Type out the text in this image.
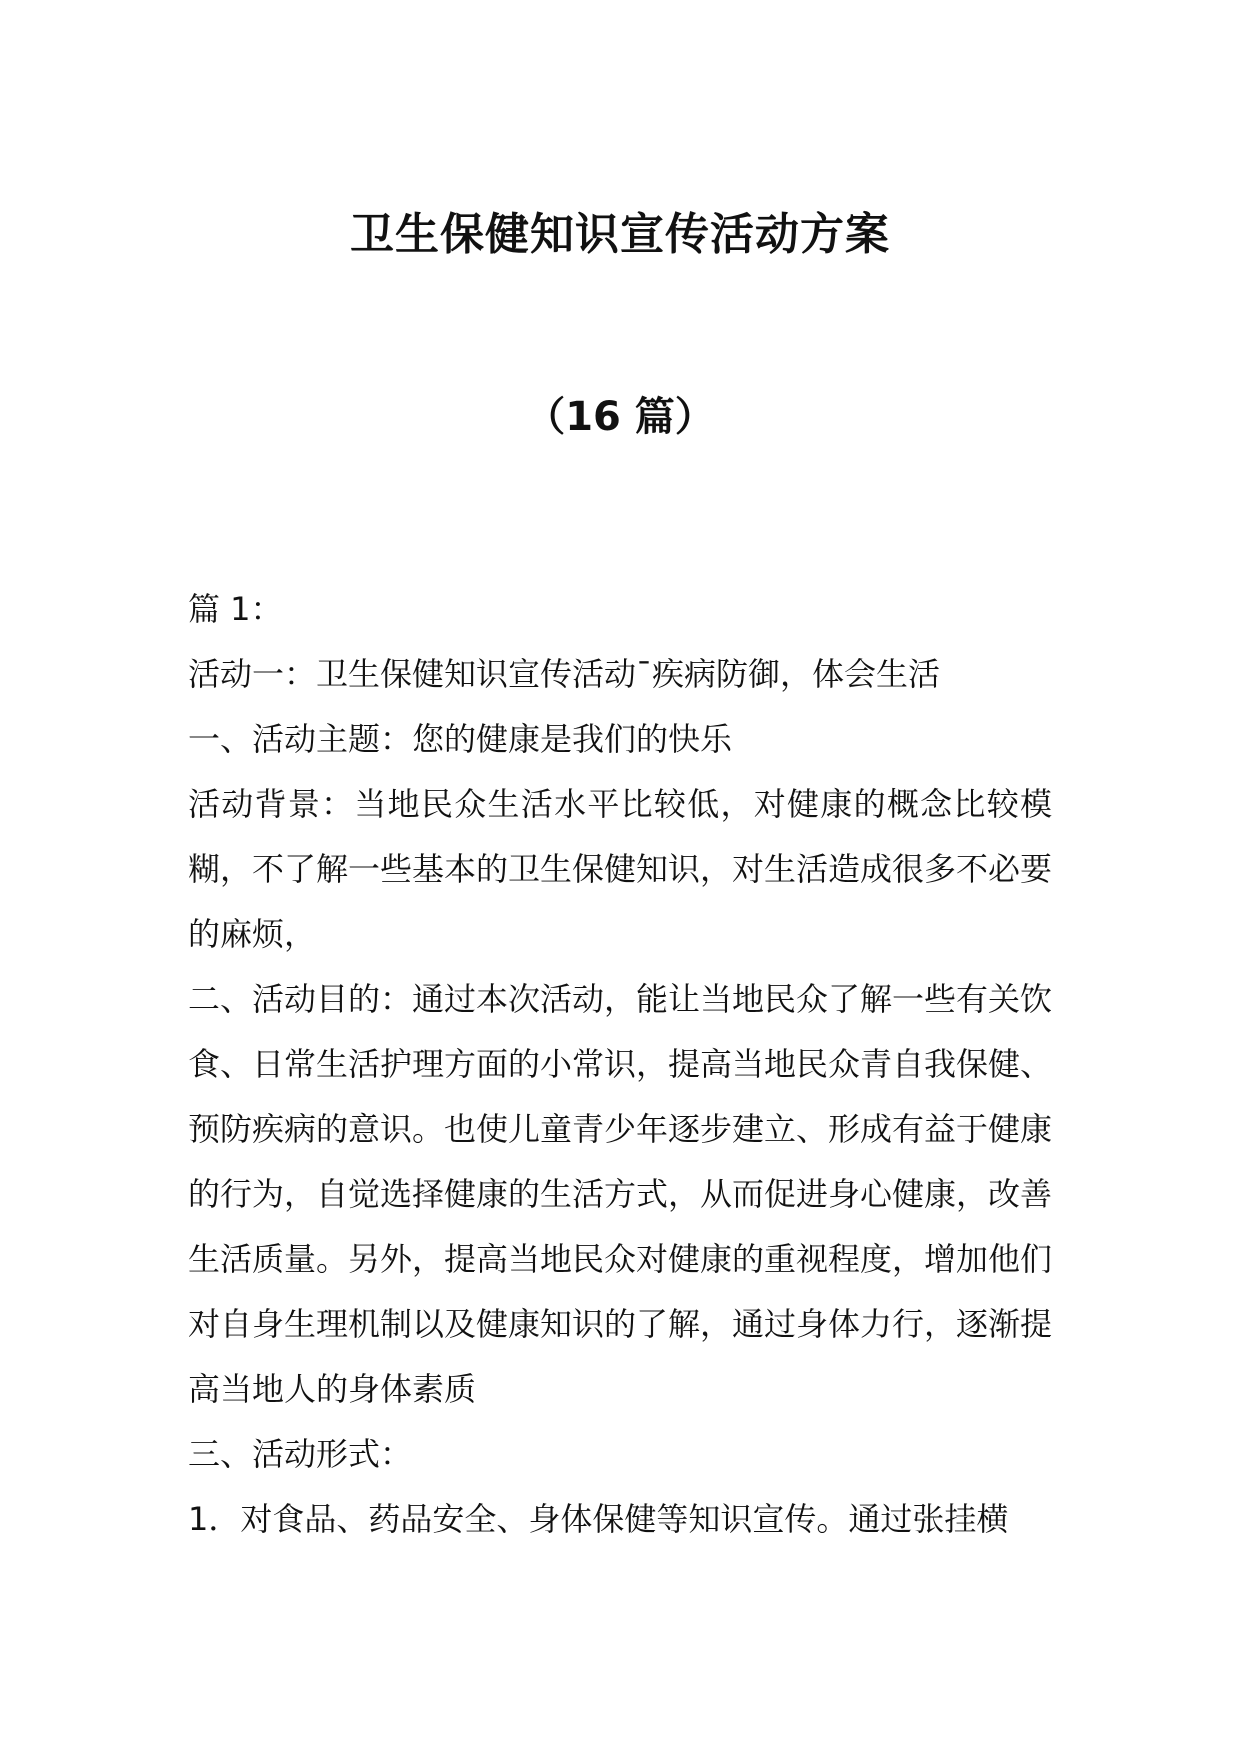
卫生保健知识宣传活动方案
（16 篇）

篇 1：

活动一：卫生保健知识宣传活动¯疾病防御，体会生活

一、活动主题：您的健康是我们的快乐

活动背景：当地民众生活水平比较低，对健康的概念比较模糊，不了解一些基本的卫生保健知识，对生活造成很多不必要的麻烦，

二、活动目的：通过本次活动，能让当地民众了解一些有关饮食、日常生活护理方面的小常识，提高当地民众青自我保健、预防疾病的意识。也使儿童青少年逐步建立、形成有益于健康的行为，自觉选择健康的生活方式，从而促进身心健康，改善生活质量。另外，提高当地民众对健康的重视程度，增加他们对自身生理机制以及健康知识的了解，通过身体力行，逐渐提高当地人的身体素质

三、活动形式：

1．对食品、药品安全、身体保健等知识宣传。通过张挂横
